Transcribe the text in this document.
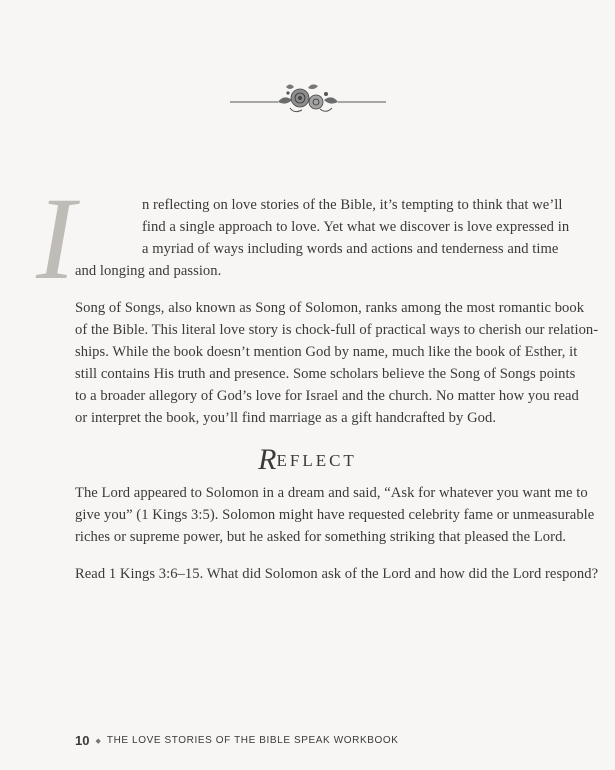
I	n reflecting on love stories of the Bible, it’s tempting to think that we’ll
find a single approach to love. Yet what we discover is love expressed in
a myriad of ways including words and actions and tenderness and time
and longing and passion.
Song of Songs, also known as Song of Solomon, ranks among the most romantic book
of the Bible. This literal love story is chock-full of practical ways to cherish our relation-
ships. While the book doesn’t mention God by name, much like the book of Esther, it
still contains His truth and presence. Some scholars believe the Song of Songs points
to a broader allegory of God’s love for Israel and the church. No matter how you read
or interpret the book, you’ll find marriage as a gift handcrafted by God.
REFLECT
The Lord appeared to Solomon in a dream and said, “Ask for whatever you want me to
give you” (1 Kings 3:5). Solomon might have requested celebrity fame or unmeasurable
riches or supreme power, but he asked for something striking that pleased the Lord.
Read 1 Kings 3:6–15. What did Solomon ask of the Lord and how did the Lord respond?
10 ◆ THE LOVE STORIES OF THE BIBLE SPEAK WORKBOOK
